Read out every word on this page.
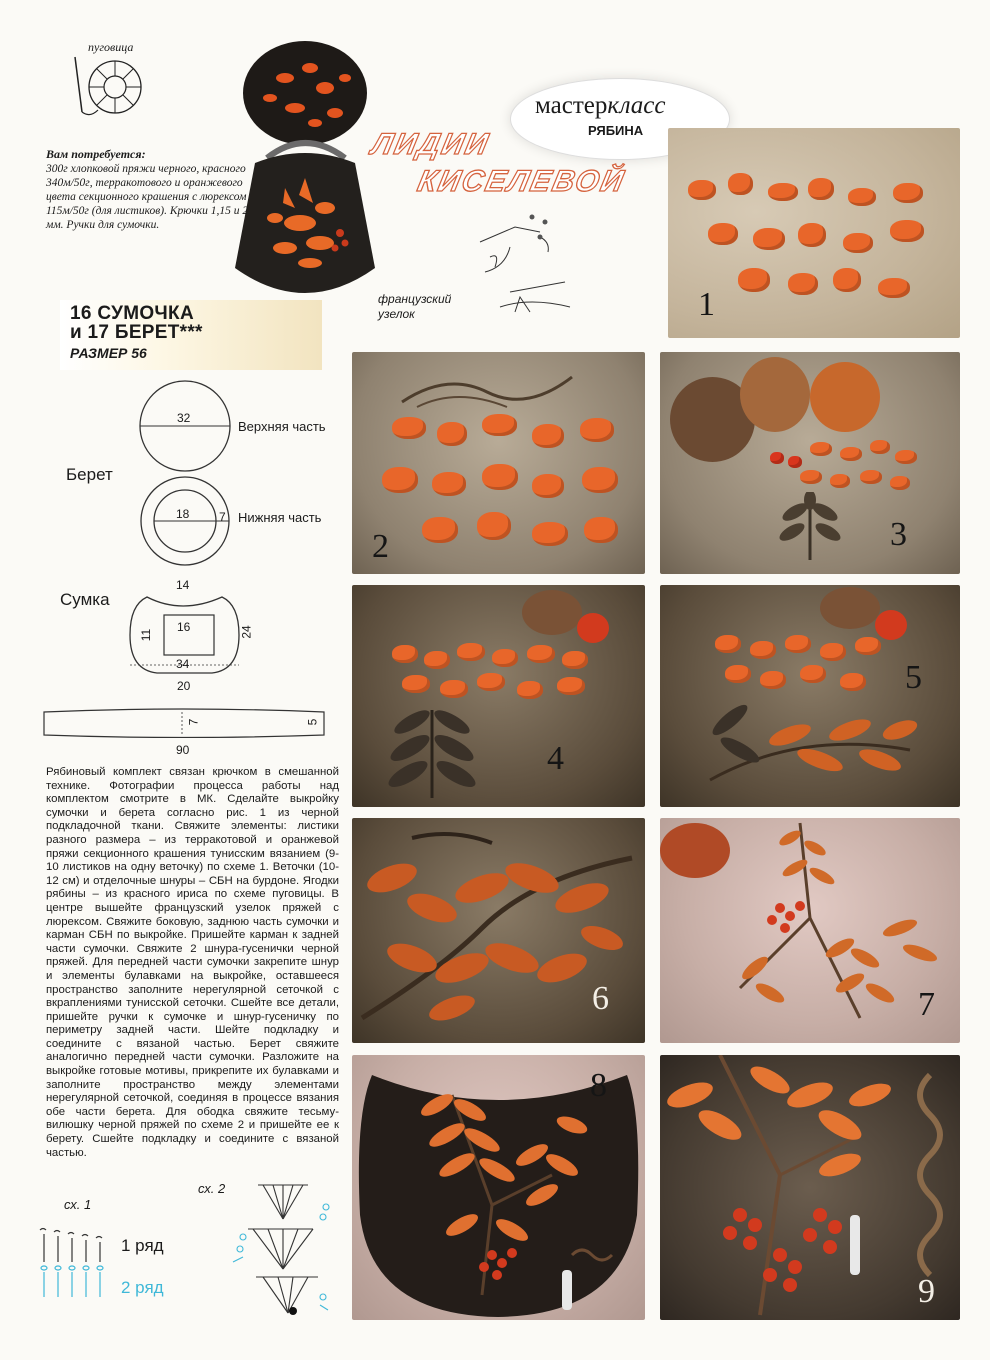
пуговица
Вам потребуется:
300г хлопковой пряжи черного, красного 340м/50г, терракотового и оранжевого цвета секционного крашения с люрексом 115м/50г (для листиков). Крючки 1,15 и 2 мм. Ручки для сумочки.
мастеркласс
РЯБИНА
ЛИДИИ
КИСЕЛЕВОЙ
французский
узелок
16 СУМОЧКА
и 17 БЕРЕТ***
РАЗМЕР 56
32
Верхняя часть
Берет
18 7 Нижняя часть
Сумка
14
16
11	24
34
20
7	5
90
Рябиновый комплект связан крючком в смешанной технике. Фотографии процесса работы над комплектом смотрите в МК. Сделайте выкройку сумочки и берета согласно рис. 1 из черной подкладочной ткани. Свяжите элементы: листики разного размера – из терракотовой и оранжевой пряжи секционного крашения тунисским вязанием (9-10 листиков на одну веточку) по схеме 1. Веточки (10-12 см) и отделочные шнуры – СБН на бурдоне. Ягодки рябины – из красного ириса по схеме пуговицы. В центре вышейте французский узелок пряжей с люрексом. Свяжите боковую, заднюю часть сумочки и карман СБН по выкройке. Пришейте карман к задней части сумочки. Свяжите 2 шнура-гусенички черной пряжей. Для передней части сумочки закрепите шнур и элементы булавками на выкройке, оставшееся пространство заполните нерегулярной сеточкой с вкраплениями тунисской сеточки. Сшейте все детали, пришейте ручки к сумочке и шнур-гусеничку по периметру задней части. Шейте подкладку и соедините с вязаной частью. Берет свяжите аналогично передней части сумочки. Разложите на выкройке готовые мотивы, прикрепите их булавками и заполните пространство между элементами нерегулярной сеточкой, соединяя в процессе вязания обе части берета. Для ободка свяжите тесьму-вилюшку черной пряжей по схеме 2 и пришейте ее к берету. Сшейте подкладку и соедините с вязаной частью.
сх. 1
сх. 2
1 ряд
2 ряд
1
2	3
4
5
6	7
8
9
